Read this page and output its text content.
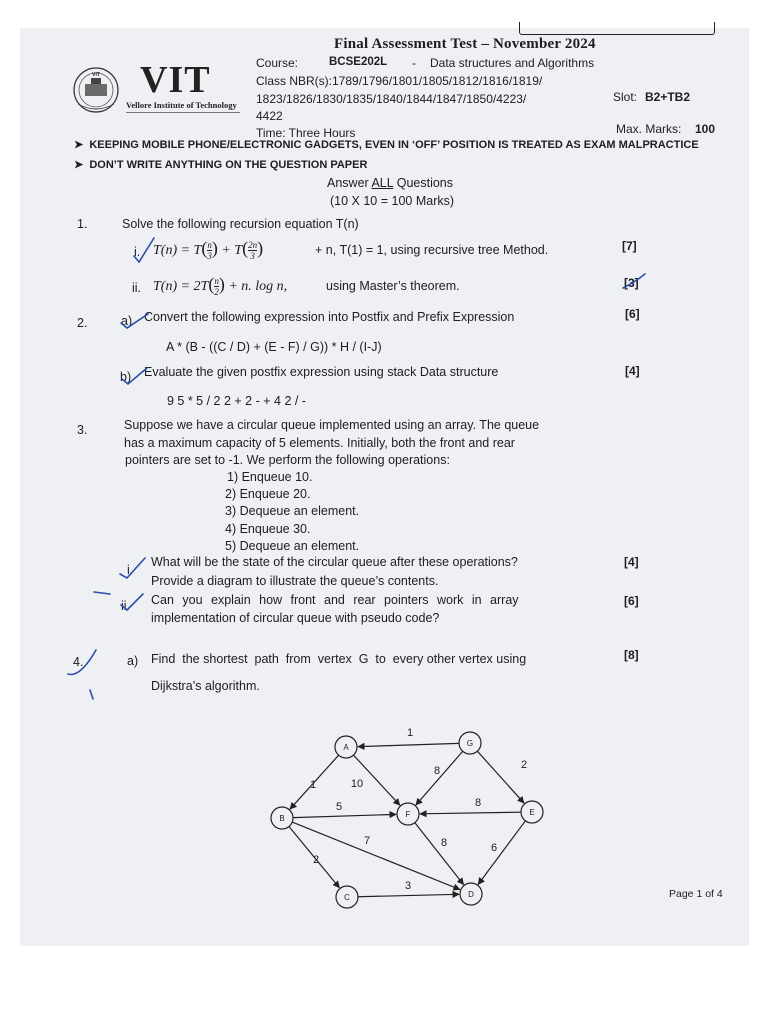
Final Assessment Test – November 2024
VIT VIT
Vellore Institute of Technology
Course:	BCSE202L - Data structures and Algorithms
Class NBR(s):1789/1796/1801/1805/1812/1816/1819/
1823/1826/1830/1835/1840/1844/1847/1850/4223/
4422
Slot: B2+TB2
Time: Three Hours	Max. Marks: 100
➤ KEEPING MOBILE PHONE/ELECTRONIC GADGETS, EVEN IN ‘OFF’ POSITION IS TREATED AS EXAM MALPRACTICE
➤ DON’T WRITE ANYTHING ON THE QUESTION PAPER
Answer ALL Questions
(10 X 10 = 100 Marks)
1.	Solve the following recursion equation T(n)
i. $T(n) = T(\frac{n}{3}$ ) + $T(\frac{2n}{3}$ )	+ n, T(1) = 1, using recursive tree Method.	[7]
ii. $T(n) = 2T(\frac{n}{2}$ ) + n. log n,	using Master’s theorem.	[3]
2.	a) Convert the following expression into Postfix and Prefix Expression	[6]
A * (B - ((C / D) + (E - F) / G)) * H / (I-J)
b) Evaluate the given postfix expression using stack Data structure	[4]
9 5 * 5 / 2 2 + 2 - + 4 2 / -
3.	Suppose we have a circular queue implemented using an array. The queue
has a maximum capacity of 5 elements. Initially, both the front and rear
pointers are set to -1. We perform the following operations:
1) Enqueue 10.
2) Enqueue 20.
3) Dequeue an element.
4) Enqueue 30.
5) Dequeue an element.
i.
What will be the state of the circular queue after these operations?
Provide a diagram to illustrate the queue’s contents.
[4]
ii. Can you explain how front and rear pointers work in array
implementation of circular queue with pseudo code?
[6]
4.	a) Find  the shortest  path  from  vertex  G  to  every other vertex using
Dijkstra’s algorithm.
[8]
1
1	10
8	2
5	8
7	8	6
2
3
A	G
B	F	E
C	D	Page 1 of 4
